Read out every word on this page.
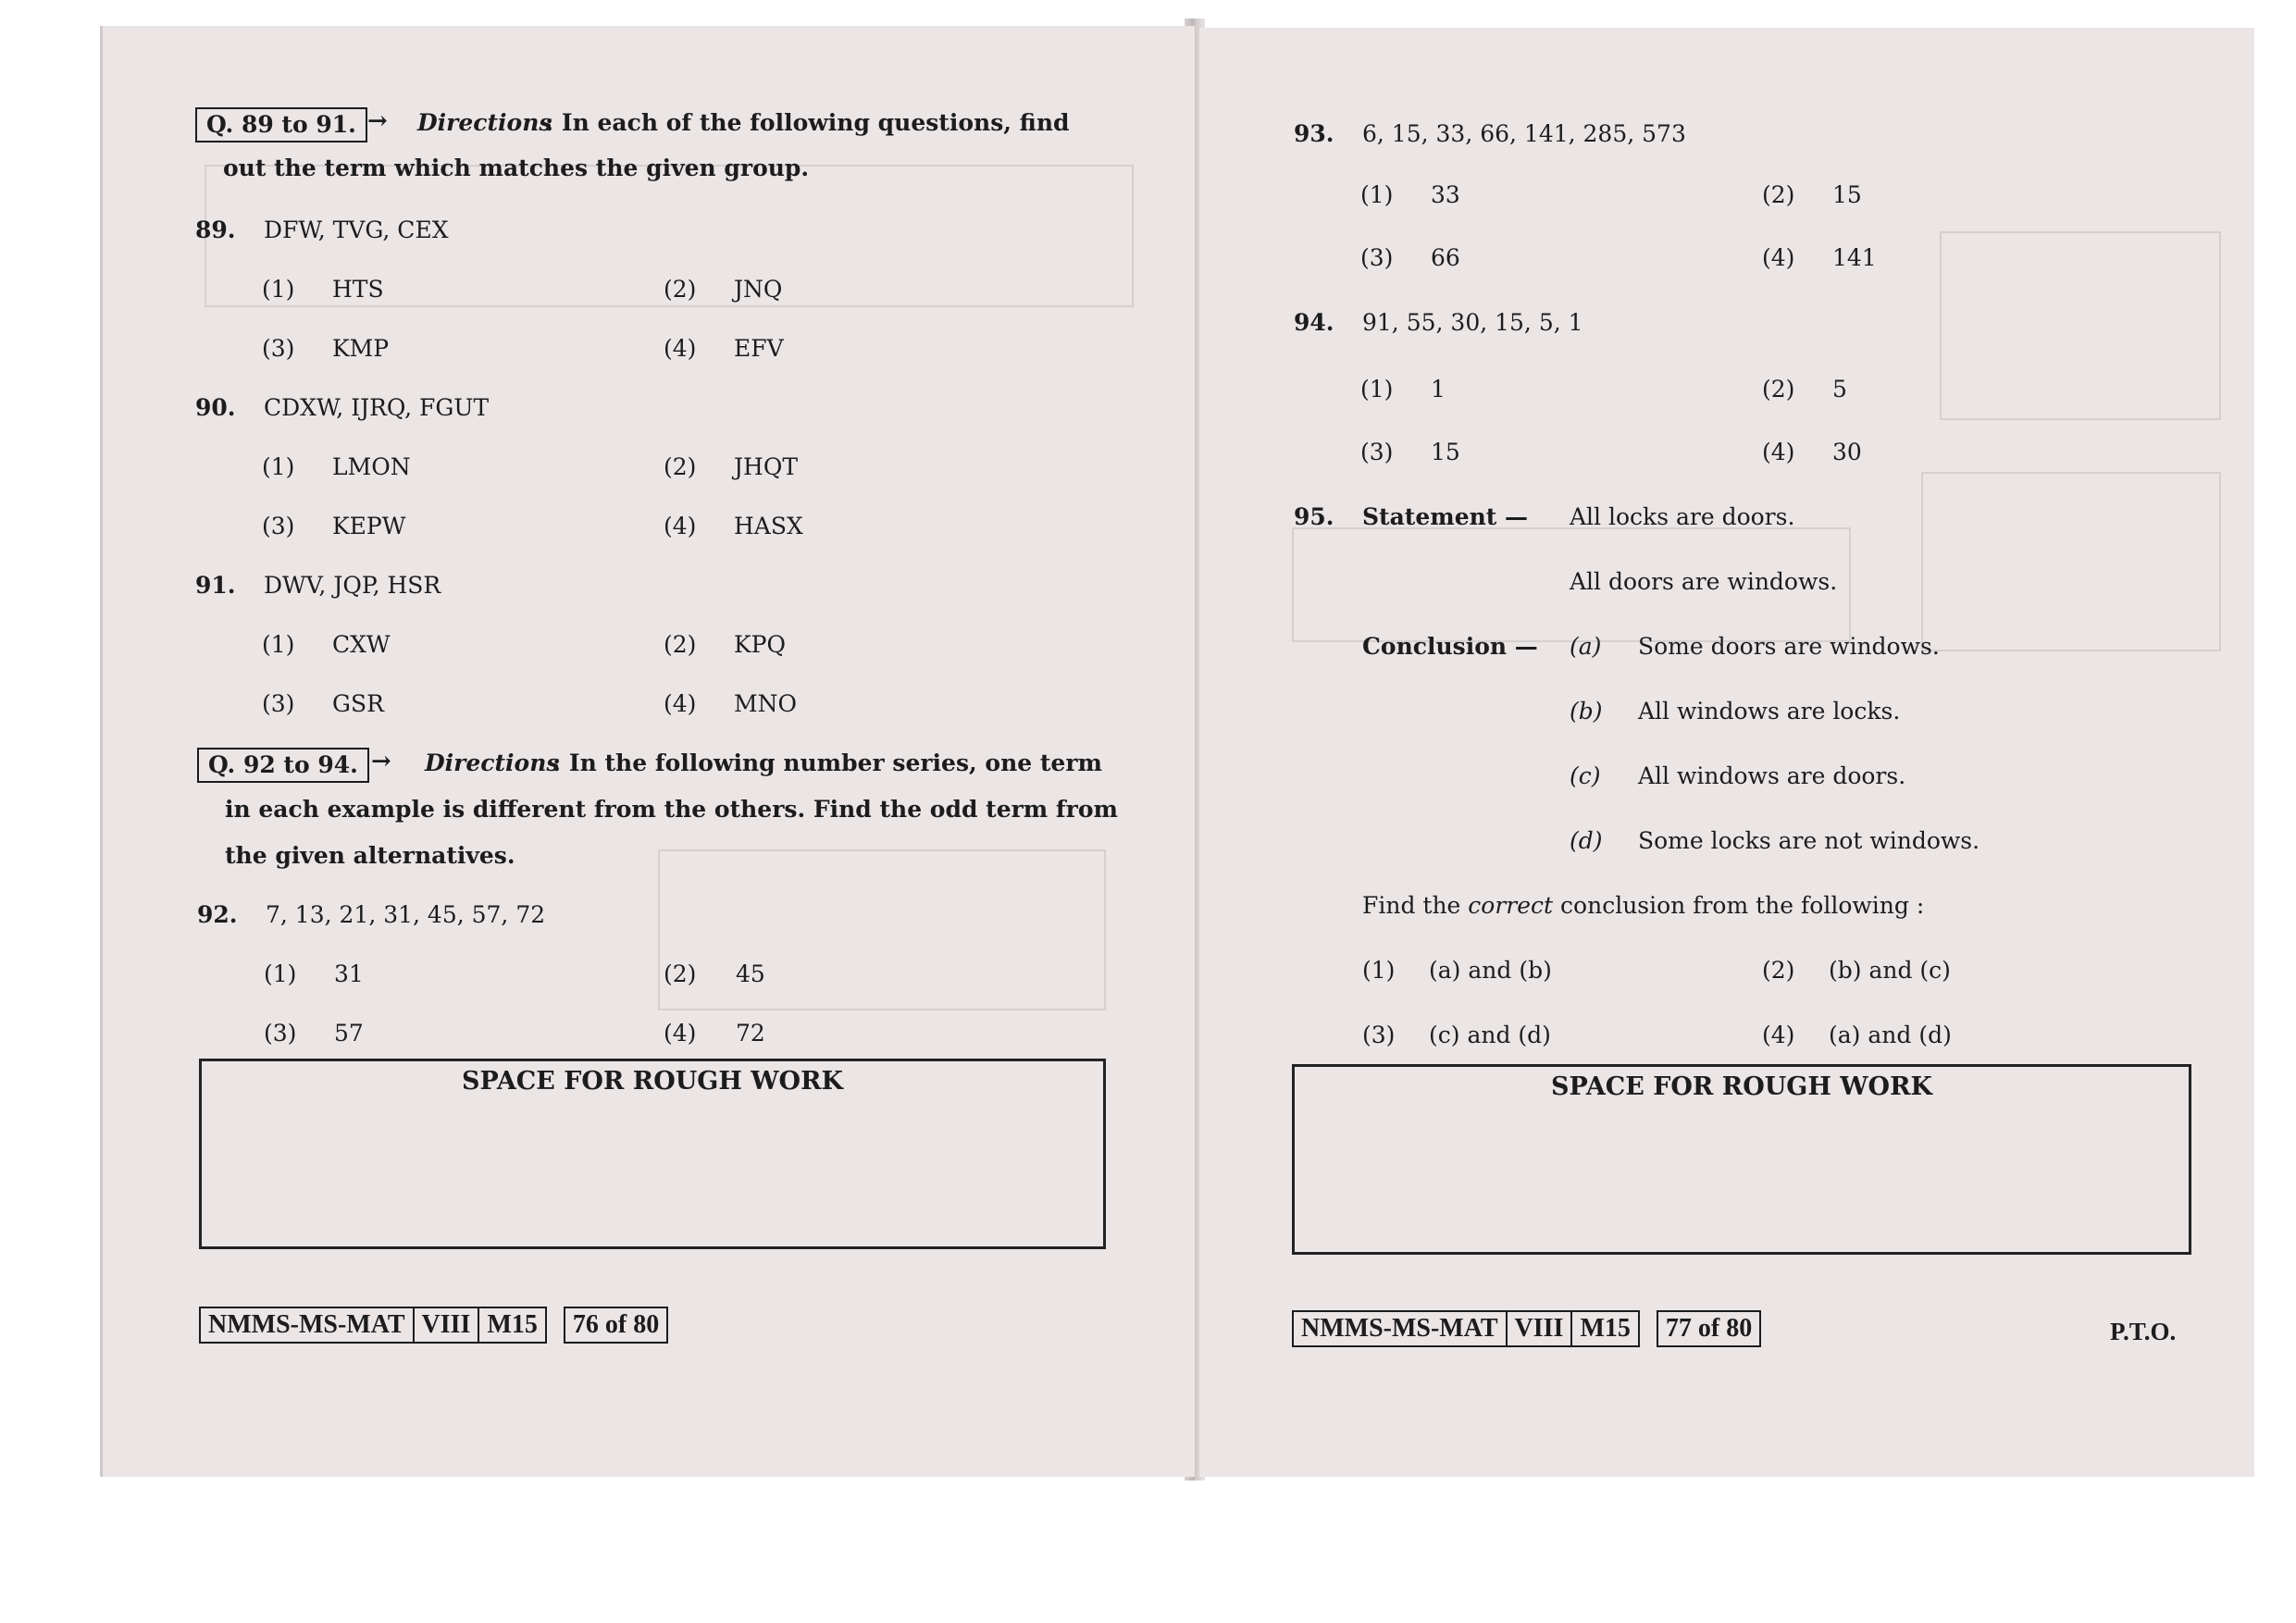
Q. 89 to 91. → Directions
: In each of the following questions, find
out the term which matches the given group.
89. DFW, TVG, CEX
(1) HTS	(2) JNQ
(3) KMP	(4) EFV
90. CDXW, IJRQ, FGUT
(1) LMON	(2) JHQT
(3) KEPW	(4) HASX
91. DWV, JQP, HSR
(1) CXW	(2) KPQ
(3) GSR	(4) MNO
Q. 92 to 94. → Directions
: In the following number series, one term
in each example is different from the others. Find the odd term from
the given alternatives.
92. 7, 13, 21, 31, 45, 57, 72
(1) 31	(2) 45
(3) 57	(4) 72
SPACE FOR ROUGH WORK
NMMS-MS-MAT VIII M15	76 of 80
93. 6, 15, 33, 66, 141, 285, 573
(1) 33	(2) 15
(3) 66	(4) 141
94. 91, 55, 30, 15, 5, 1
(1) 1	(2) 5
(3) 15	(4) 30
95. Statement — All locks are doors.
All doors are windows.
Conclusion — (a) Some doors are windows.
(b) All windows are locks.
(c) All windows are doors.
(d) Some locks are not windows.
Find the correct conclusion from the following :
(1) (a) and (b)	(2) (b) and (c)
(3) (c) and (d)	(4) (a) and (d)
SPACE FOR ROUGH WORK
NMMS-MS-MAT VIII M15	77 of 80	P.T.O.
